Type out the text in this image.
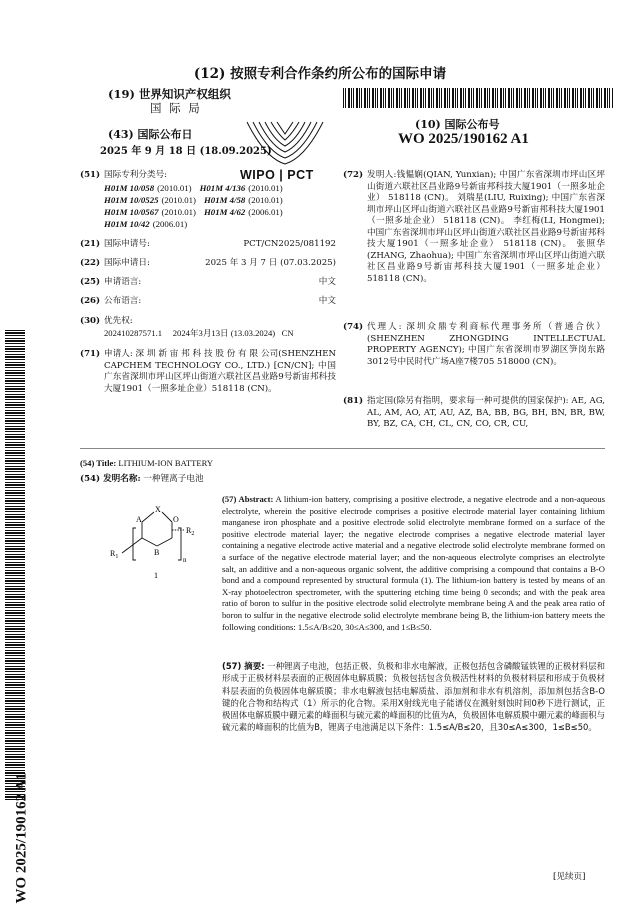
(12) 按照专利合作条约所公布的国际申请
(19) 世界知识产权组织
国 际 局
(43) 国际公布日
2025 年 9 月 18 日 (18.09.2025)
WIPO | PCT
(10) 国际公布号
WO 2025/190162 A1
WO 2025/190162 A1
(51) 国际专利分类号:
H01M 10/058 (2010.01) H01M 4/136 (2010.01)
H01M 10/0525 (2010.01) H01M 4/58 (2010.01)
H01M 10/0567 (2010.01) H01M 4/62 (2006.01)
H01M 10/42 (2006.01)
(21) 国际申请号:	PCT/CN2025/081192
(22) 国际申请日:	2025 年 3 月 7 日 (07.03.2025)
(25) 申请语言:	中文
(26) 公布语言:	中文
(30) 优先权:
202410287571.1     2024年3月13日 (13.03.2024)   CN
(71) 申请人: 深 圳 新 宙 邦 科 技 股 份 有 限 公司(SHENZHEN CAPCHEM TECHNOLOGY CO., LTD.) [CN/CN]; 中国广东省深圳市坪山区坪山街道六联社区昌业路9号新宙邦科技大厦1901（一照多址企业）518118 (CN)。
(72) 发明人:钱韫娴(QIAN, Yunxian); 中国广东省深圳市坪山区坪山街道六联社区昌业路9号新宙邦科技大厦1901（一照多址企业） 518118 (CN)。 刘瑞星(LIU, Ruixing); 中国广东省深圳市坪山区坪山街道六联社区昌业路9号新宙邦科技大厦1901（一照多址企业） 518118 (CN)。 李红梅(LI, Hongmei); 中国广东省深圳市坪山区坪山街道六联社区昌业路9号新宙邦科技大厦1901（一照多址企业） 518118 (CN)。 张照华(ZHANG, Zhaohua); 中国广东省深圳市坪山区坪山街道六联社区昌业路9号新宙邦科技大厦1901（一照多址企业） 518118 (CN)。
(74) 代理人: 深圳众鼎专利商标代理事务所（普通合伙） (SHENZHEN ZHONGDING INTELLECTUAL PROPERTY AGENCY); 中国广东省深圳市罗湖区笋岗东路3012号中民时代广场A座7楼705 518000 (CN)。
(81) 指定国(除另有指明，要求每一种可提供的国家保护): AE, AG, AL, AM, AO, AT, AU, AZ, BA, BB, BG, BH, BN, BR, BW, BY, BZ, CA, CH, CL, CN, CO, CR, CU,
(54) Title: LITHIUM-ION BATTERY
(54) 发明名称: 一种锂离子电池
A
X
O
B
$R_2$
$R_1$	n
1
(57) Abstract: A lithium-ion battery, comprising a positive electrode, a negative electrode and a non-aqueous electrolyte, wherein the positive electrode comprises a positive electrode material layer containing lithium manganese iron phosphate and a positive electrode solid electrolyte membrane formed on a surface of the positive electrode material layer; the negative electrode comprises a negative electrode material layer containing a negative electrode active material and a negative electrode solid electrolyte membrane formed on a surface of the negative electrode material layer; and the non-aqueous electrolyte comprises an electrolyte salt, an additive and a non-aqueous organic solvent, the additive comprising a compound that contains a B-O bond and a compound represented by structural formula (1). The lithium-ion battery is tested by means of an X-ray photoelectron spectrometer, with the sputtering etching time being 0 seconds; and with the peak area ratio of boron to sulfur in the positive electrode solid electrolyte membrane being A and the peak area ratio of boron to sulfur in the negative electrode solid electrolyte membrane being B, the lithium-ion battery meets the following conditions: 1.5≤A/B≤20, 30≤A≤300, and 1≤B≤50.
(57) 摘要: 一种锂离子电池，包括正极、负极和非水电解液，正极包括包含磷酸锰铁锂的正极材料层和形成于正极材料层表面的正极固体电解质膜；负极包括包含负极活性材料的负极材料层和形成于负极材料层表面的负极固体电解质膜；非水电解液包括电解质盐、添加剂和非水有机溶剂，添加剂包括含B-O键的化合物和结构式（1）所示的化合物。采用X射线光电子能谱仪在溅射刻蚀时间0秒下进行测试，正极固体电解质膜中硼元素的峰面积与硫元素的峰面积的比值为A，负极固体电解质膜中硼元素的峰面积与硫元素的峰面积的比值为B，锂离子电池满足以下条件：1.5≤A/B≤20，且30≤A≤300，1≤B≤50。
[见续页]
